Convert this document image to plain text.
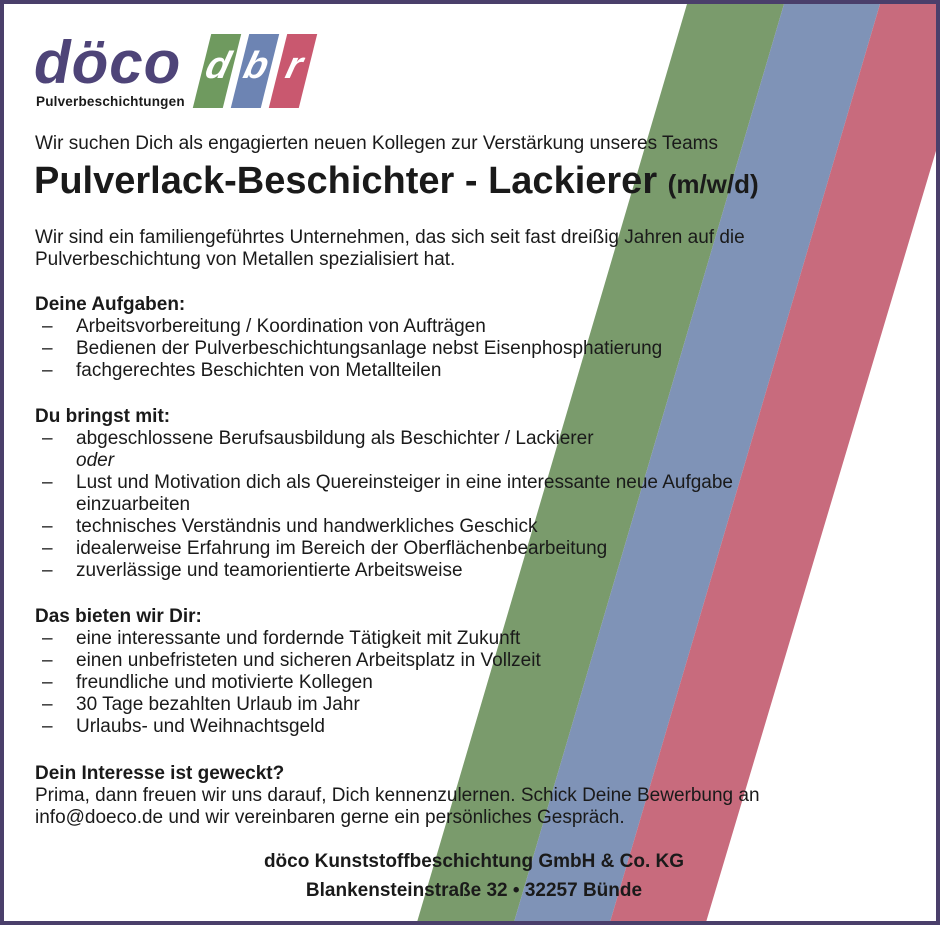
döco d b r
Pulverbeschichtungen
Wir suchen Dich als engagierten neuen Kollegen zur Verstärkung unseres Teams
Pulverlack-Beschichter - Lackierer (m/w/d)
Wir sind ein familiengeführtes Unternehmen, das sich seit fast dreißig Jahren auf die
Pulverbeschichtung von Metallen spezialisiert hat.
Deine Aufgaben:
– Arbeitsvorbereitung / Koordination von Aufträgen
– Bedienen der Pulverbeschichtungsanlage nebst Eisenphosphatierung
– fachgerechtes Beschichten von Metallteilen
Du bringst mit:
– abgeschlossene Berufsausbildung als Beschichter / Lackierer
oder
– Lust und Motivation dich als Quereinsteiger in eine interessante neue Aufgabe
einzuarbeiten
– technisches Verständnis und handwerkliches Geschick
– idealerweise Erfahrung im Bereich der Oberflächenbearbeitung
– zuverlässige und teamorientierte Arbeitsweise
Das bieten wir Dir:
– eine interessante und fordernde Tätigkeit mit Zukunft
– einen unbefristeten und sicheren Arbeitsplatz in Vollzeit
– freundliche und motivierte Kollegen
– 30 Tage bezahlten Urlaub im Jahr
– Urlaubs- und Weihnachtsgeld
Dein Interesse ist geweckt?
Prima, dann freuen wir uns darauf, Dich kennenzulernen. Schick Deine Bewerbung an
info@doeco.de und wir vereinbaren gerne ein persönliches Gespräch.
döco Kunststoffbeschichtung GmbH & Co. KG
Blankensteinstraße 32 • 32257 Bünde
